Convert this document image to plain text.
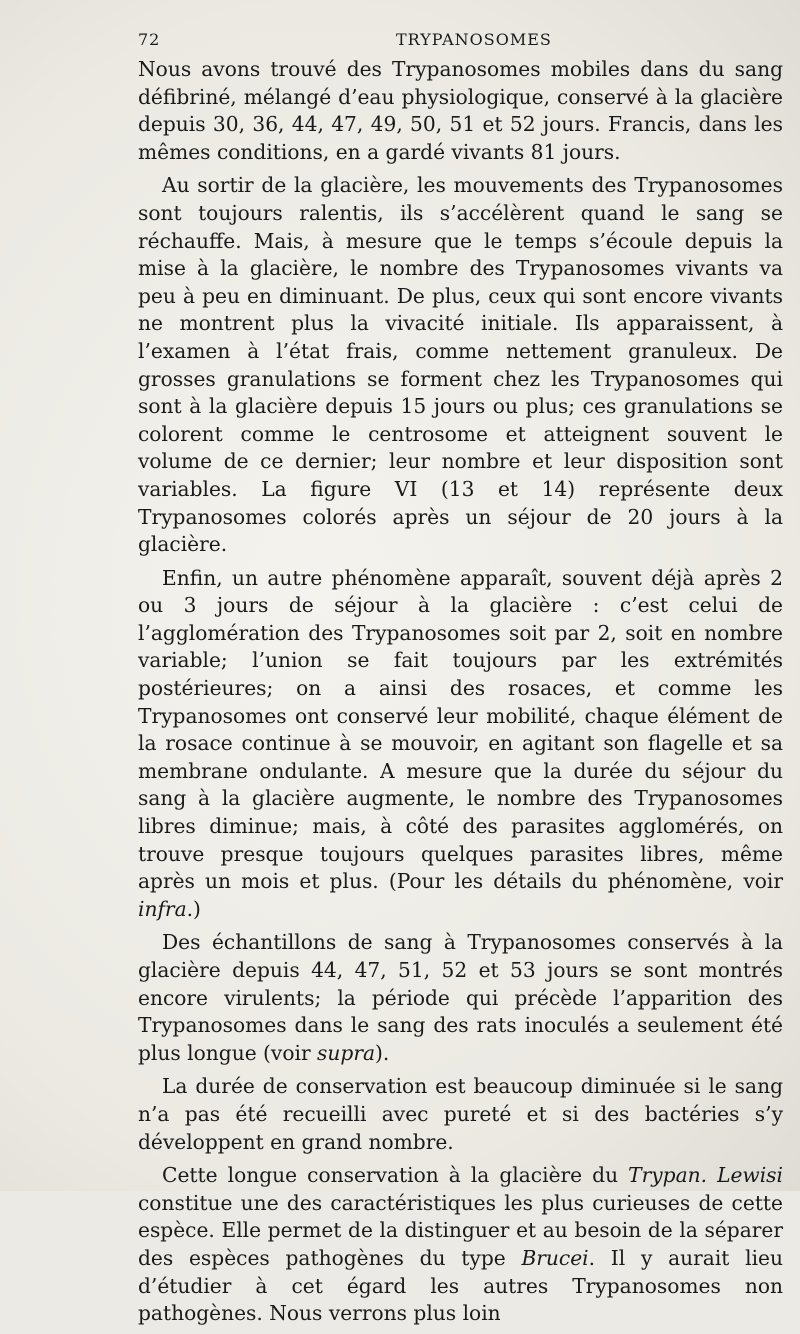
72	TRYPANOSOMES

Nous avons trouvé des Trypanosomes mobiles dans du sang défibriné, mélangé d’eau physiologique, conservé à la glacière depuis 30, 36, 44, 47, 49, 50, 51 et 52 jours. Francis, dans les mêmes conditions, en a gardé vivants 81 jours.

Au sortir de la glacière, les mouvements des Trypanosomes sont toujours ralentis, ils s’accélèrent quand le sang se réchauffe. Mais, à mesure que le temps s’écoule depuis la mise à la glacière, le nombre des Trypanosomes vivants va peu à peu en diminuant. De plus, ceux qui sont encore vivants ne montrent plus la vivacité initiale. Ils apparaissent, à l’examen à l’état frais, comme nettement granuleux. De grosses granulations se forment chez les Trypanosomes qui sont à la glacière depuis 15 jours ou plus; ces granulations se colorent comme le centrosome et atteignent souvent le volume de ce dernier; leur nombre et leur disposition sont variables. La figure VI (13 et 14) représente deux Trypanosomes colorés après un séjour de 20 jours à la glacière.

Enfin, un autre phénomène apparaît, souvent déjà après 2 ou 3 jours de séjour à la glacière : c’est celui de l’agglomération des Trypanosomes soit par 2, soit en nombre variable; l’union se fait toujours par les extrémités postérieures; on a ainsi des rosaces, et comme les Trypanosomes ont conservé leur mobilité, chaque élément de la rosace continue à se mouvoir, en agitant son flagelle et sa membrane ondulante. A mesure que la durée du séjour du sang à la glacière augmente, le nombre des Trypanosomes libres diminue; mais, à côté des parasites agglomérés, on trouve presque toujours quelques parasites libres, même après un mois et plus. (Pour les détails du phénomène, voir infra.)

Des échantillons de sang à Trypanosomes conservés à la glacière depuis 44, 47, 51, 52 et 53 jours se sont montrés encore virulents; la période qui précède l’apparition des Trypanosomes dans le sang des rats inoculés a seulement été plus longue (voir supra).

La durée de conservation est beaucoup diminuée si le sang n’a pas été recueilli avec pureté et si des bactéries s’y développent en grand nombre.

Cette longue conservation à la glacière du Trypan. Lewisi constitue une des caractéristiques les plus curieuses de cette espèce. Elle permet de la distinguer et au besoin de la séparer des espèces pathogènes du type Brucei. Il y aurait lieu d’étudier à cet égard les autres Trypanosomes non pathogènes. Nous verrons plus loin
